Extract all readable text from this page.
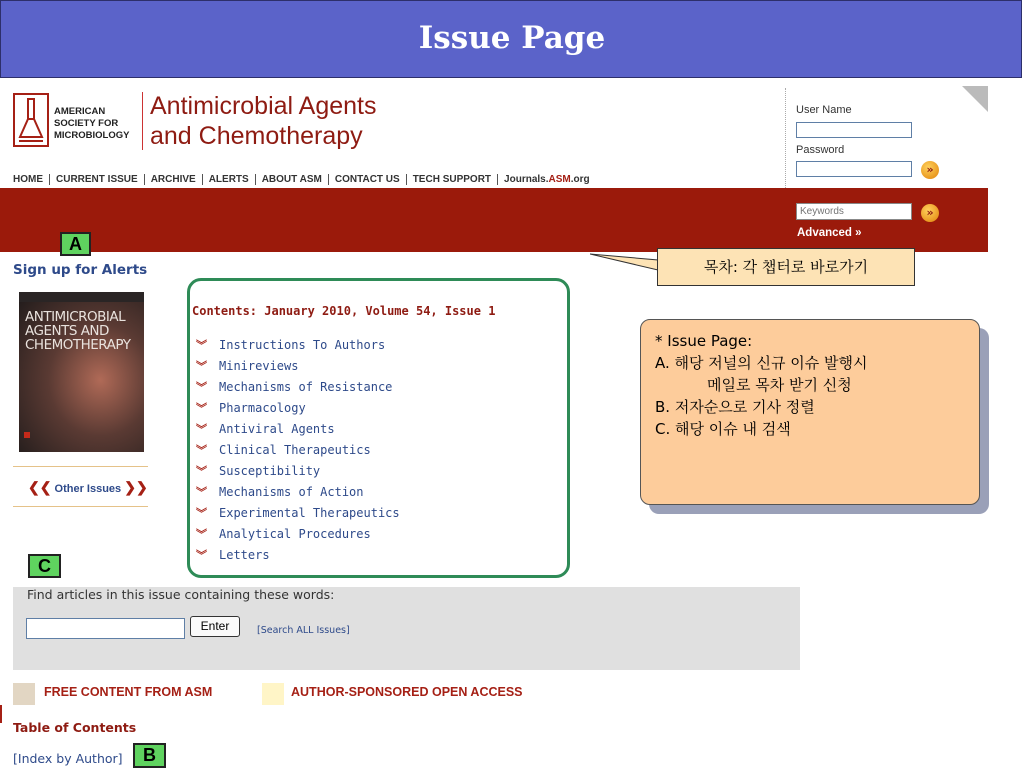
Issue Page
AMERICAN
SOCIETY FOR
MICROBIOLOGY
Antimicrobial Agents
and Chemotherapy
HOME CURRENT ISSUE ARCHIVE ALERTS ABOUT ASM CONTACT US TECH SUPPORT Journals.ASM.org
User Name
Password
»
Keywords
»
Advanced »
A
목차: 각 챕터로 바로가기
Sign up for Alerts
ANTIMICROBIAL AGENTS AND CHEMOTHERAPY
❮❮ Other Issues ❯❯
C
Contents: January 2010, Volume 54, Issue 1
︾ Instructions To Authors
︾ Minireviews
︾ Mechanisms of Resistance
︾ Pharmacology
︾ Antiviral Agents
︾ Clinical Therapeutics
︾ Susceptibility
︾ Mechanisms of Action
︾ Experimental Therapeutics
︾ Analytical Procedures
︾ Letters
* Issue Page:
A. 해당 저널의 신규 이슈 발행시
메일로 목차 받기 신청
B. 저자순으로 기사 정렬
C. 해당 이슈 내 검색
Find articles in this issue containing these words:
Enter	[Search ALL Issues]
FREE CONTENT FROM ASM	AUTHOR-SPONSORED OPEN ACCESS
Table of Contents
[Index by Author]	B
